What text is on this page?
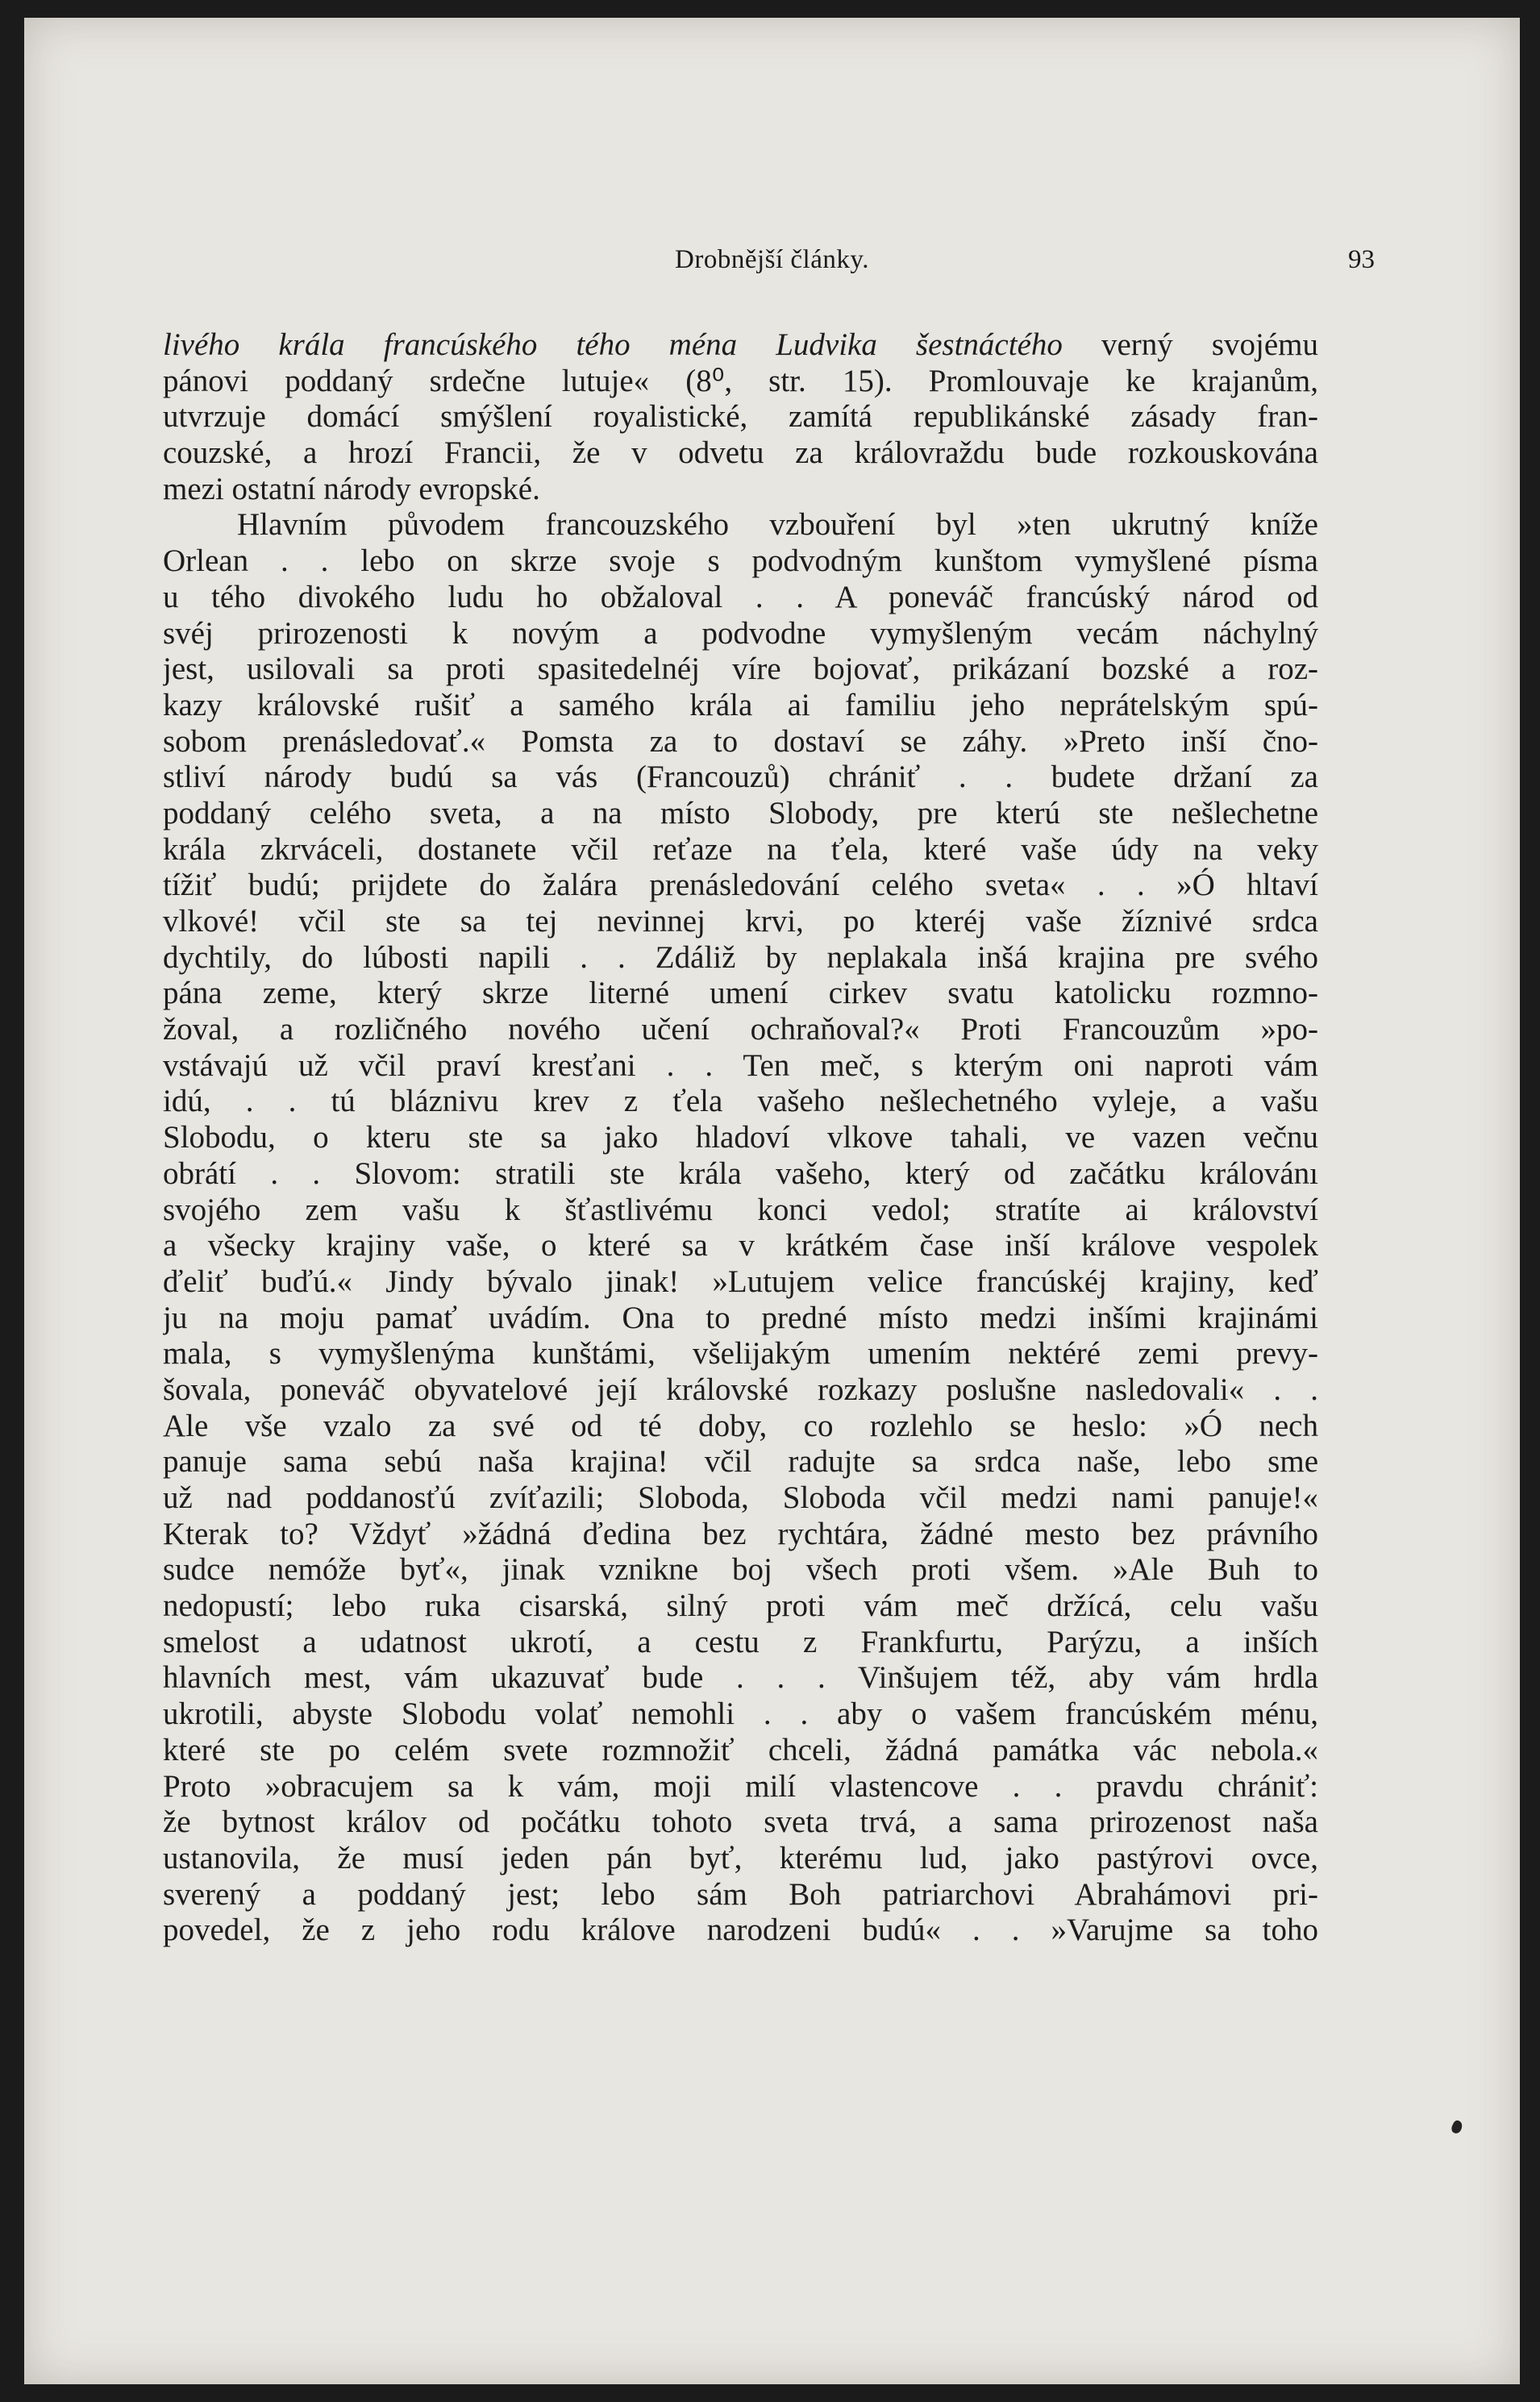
Drobnější články.	93
livého krála francúského tého ména Ludvika šestnáctého verný svojému
pánovi poddaný srdečne lutuje« (8⁰, str. 15). Promlouvaje ke krajanům,
utvrzuje domácí smýšlení royalistické, zamítá republikánské zásady fran-
couzské, a hrozí Francii, že v odvetu za královraždu bude rozkouskována
mezi ostatní národy evropské.
Hlavním původem francouzského vzbouření byl »ten ukrutný kníže
Orlean . . lebo on skrze svoje s podvodným kunštom vymyšlené písma
u tého divokého ludu ho obžaloval . . A poneváč francúský národ od
svéj prirozenosti k novým a podvodne vymyšleným vecám náchylný
jest, usilovali sa proti spasitedelnéj víre bojovať, prikázaní bozské a roz-
kazy královské rušiť a samého krála ai familiu jeho neprátelským spú-
sobom prenásledovať.« Pomsta za to dostaví se záhy. »Preto inší čno-
stliví národy budú sa vás (Francouzů) chrániť . . budete držaní za
poddaný celého sveta, a na místo Slobody, pre kterú ste nešlechetne
krála zkrváceli, dostanete včil reťaze na ťela, které vaše údy na veky
tížiť budú; prijdete do žalára prenásledování celého sveta« . . »Ó hltaví
vlkové! včil ste sa tej nevinnej krvi, po kteréj vaše žíznivé srdca
dychtily, do lúbosti napili . . Zdáliž by neplakala inšá krajina pre svého
pána zeme, který skrze literné umení cirkev svatu katolicku rozmno-
žoval, a rozličného nového učení ochraňoval?« Proti Francouzům »po-
vstávajú už včil praví kresťani . . Ten meč, s kterým oni naproti vám
idú, . . tú bláznivu krev z ťela vašeho nešlechetného vyleje, a vašu
Slobodu, o kteru ste sa jako hladoví vlkove tahali, ve vazen večnu
obrátí . . Slovom: stratili ste krála vašeho, který od začátku královánı
svojého zem vašu k šťastlivému konci vedol; stratíte ai království
a všecky krajiny vaše, o které sa v krátkém čase inší králove vespolek
ďeliť buďú.« Jindy bývalo jinak! »Lutujem velice francúskéj krajiny, keď
ju na moju pamať uvádím. Ona to predné místo medzi inšími krajinámi
mala, s vymyšlenýma kunštámi, všelijakým umením nektéré zemi prevy-
šovala, poneváč obyvatelové její královské rozkazy poslušne nasledovali« . .
Ale vše vzalo za své od té doby, co rozlehlo se heslo: »Ó nech
panuje sama sebú naša krajina! včil radujte sa srdca naše, lebo sme
už nad poddanosťú zvíťazili; Sloboda, Sloboda včil medzi nami panuje!«
Kterak to? Vždyť »žádná ďedina bez rychtára, žádné mesto bez právního
sudce nemóže byť«, jinak vznikne boj všech proti všem. »Ale Buh to
nedopustí; lebo ruka cisarská, silný proti vám meč držícá, celu vašu
smelost a udatnost ukrotí, a cestu z Frankfurtu, Parýzu, a inších
hlavních mest, vám ukazuvať bude . . . Vinšujem též, aby vám hrdla
ukrotili, abyste Slobodu volať nemohli . . aby o vašem francúském ménu,
které ste po celém svete rozmnožiť chceli, žádná památka vác nebola.«
Proto »obracujem sa k vám, moji milí vlastencove . . pravdu chrániť:
že bytnost králov od počátku tohoto sveta trvá, a sama prirozenost naša
ustanovila, že musí jeden pán byť, kterému lud, jako pastýrovi ovce,
sverený a poddaný jest; lebo sám Boh patriarchovi Abrahámovi pri-
povedel, že z jeho rodu králove narodzeni budú« . . »Varujme sa toho
